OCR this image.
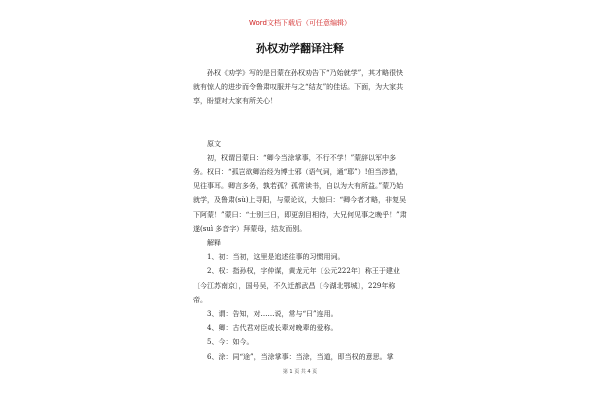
Word文档下载后（可任意编辑）
孙权劝学翻译注释

孙权《劝学》写的是吕蒙在孙权劝告下“乃始就学”，其才略很快就有惊人的进步而令鲁肃叹服并与之“结友”的佳话。下面，为大家共享，盼望对大家有所关心！

原文

初，权谓吕蒙曰：“卿今当涂掌事，不行不学！”蒙辞以军中多务。权曰：“孤岂欲卿治经为博士邪（语气词，通“耶”）!但当涉猎，见往事耳。卿言多务，孰若孤？孤常读书，自以为大有所益。”蒙乃始就学，及鲁肃(sù)上寻阳，与蒙论议，大惊曰：“卿今者才略，非复吴下阿蒙！”蒙曰：“士别三日，即更刮目相待，大兄何见事之晚乎！”肃遂(suì 多音字）拜蒙母，结友而别。

解释

1、初：当初，这里是追述往事的习惯用词。

2、权：指孙权，字仲谋，黄龙元年〔公元222年〕称王于建业〔今江苏南京〕，国号吴，不久迁都武昌〔今湖北鄂城〕，229年称帝。

3、谓：告知，对……说，常与“曰”连用。

4、卿：古代君对臣或长辈对晚辈的爱称。

5、今：如今。

6、涂：同“途”，当涂掌事：当涂，当道，即当权的意思。掌

第 1 页 共 4 页
